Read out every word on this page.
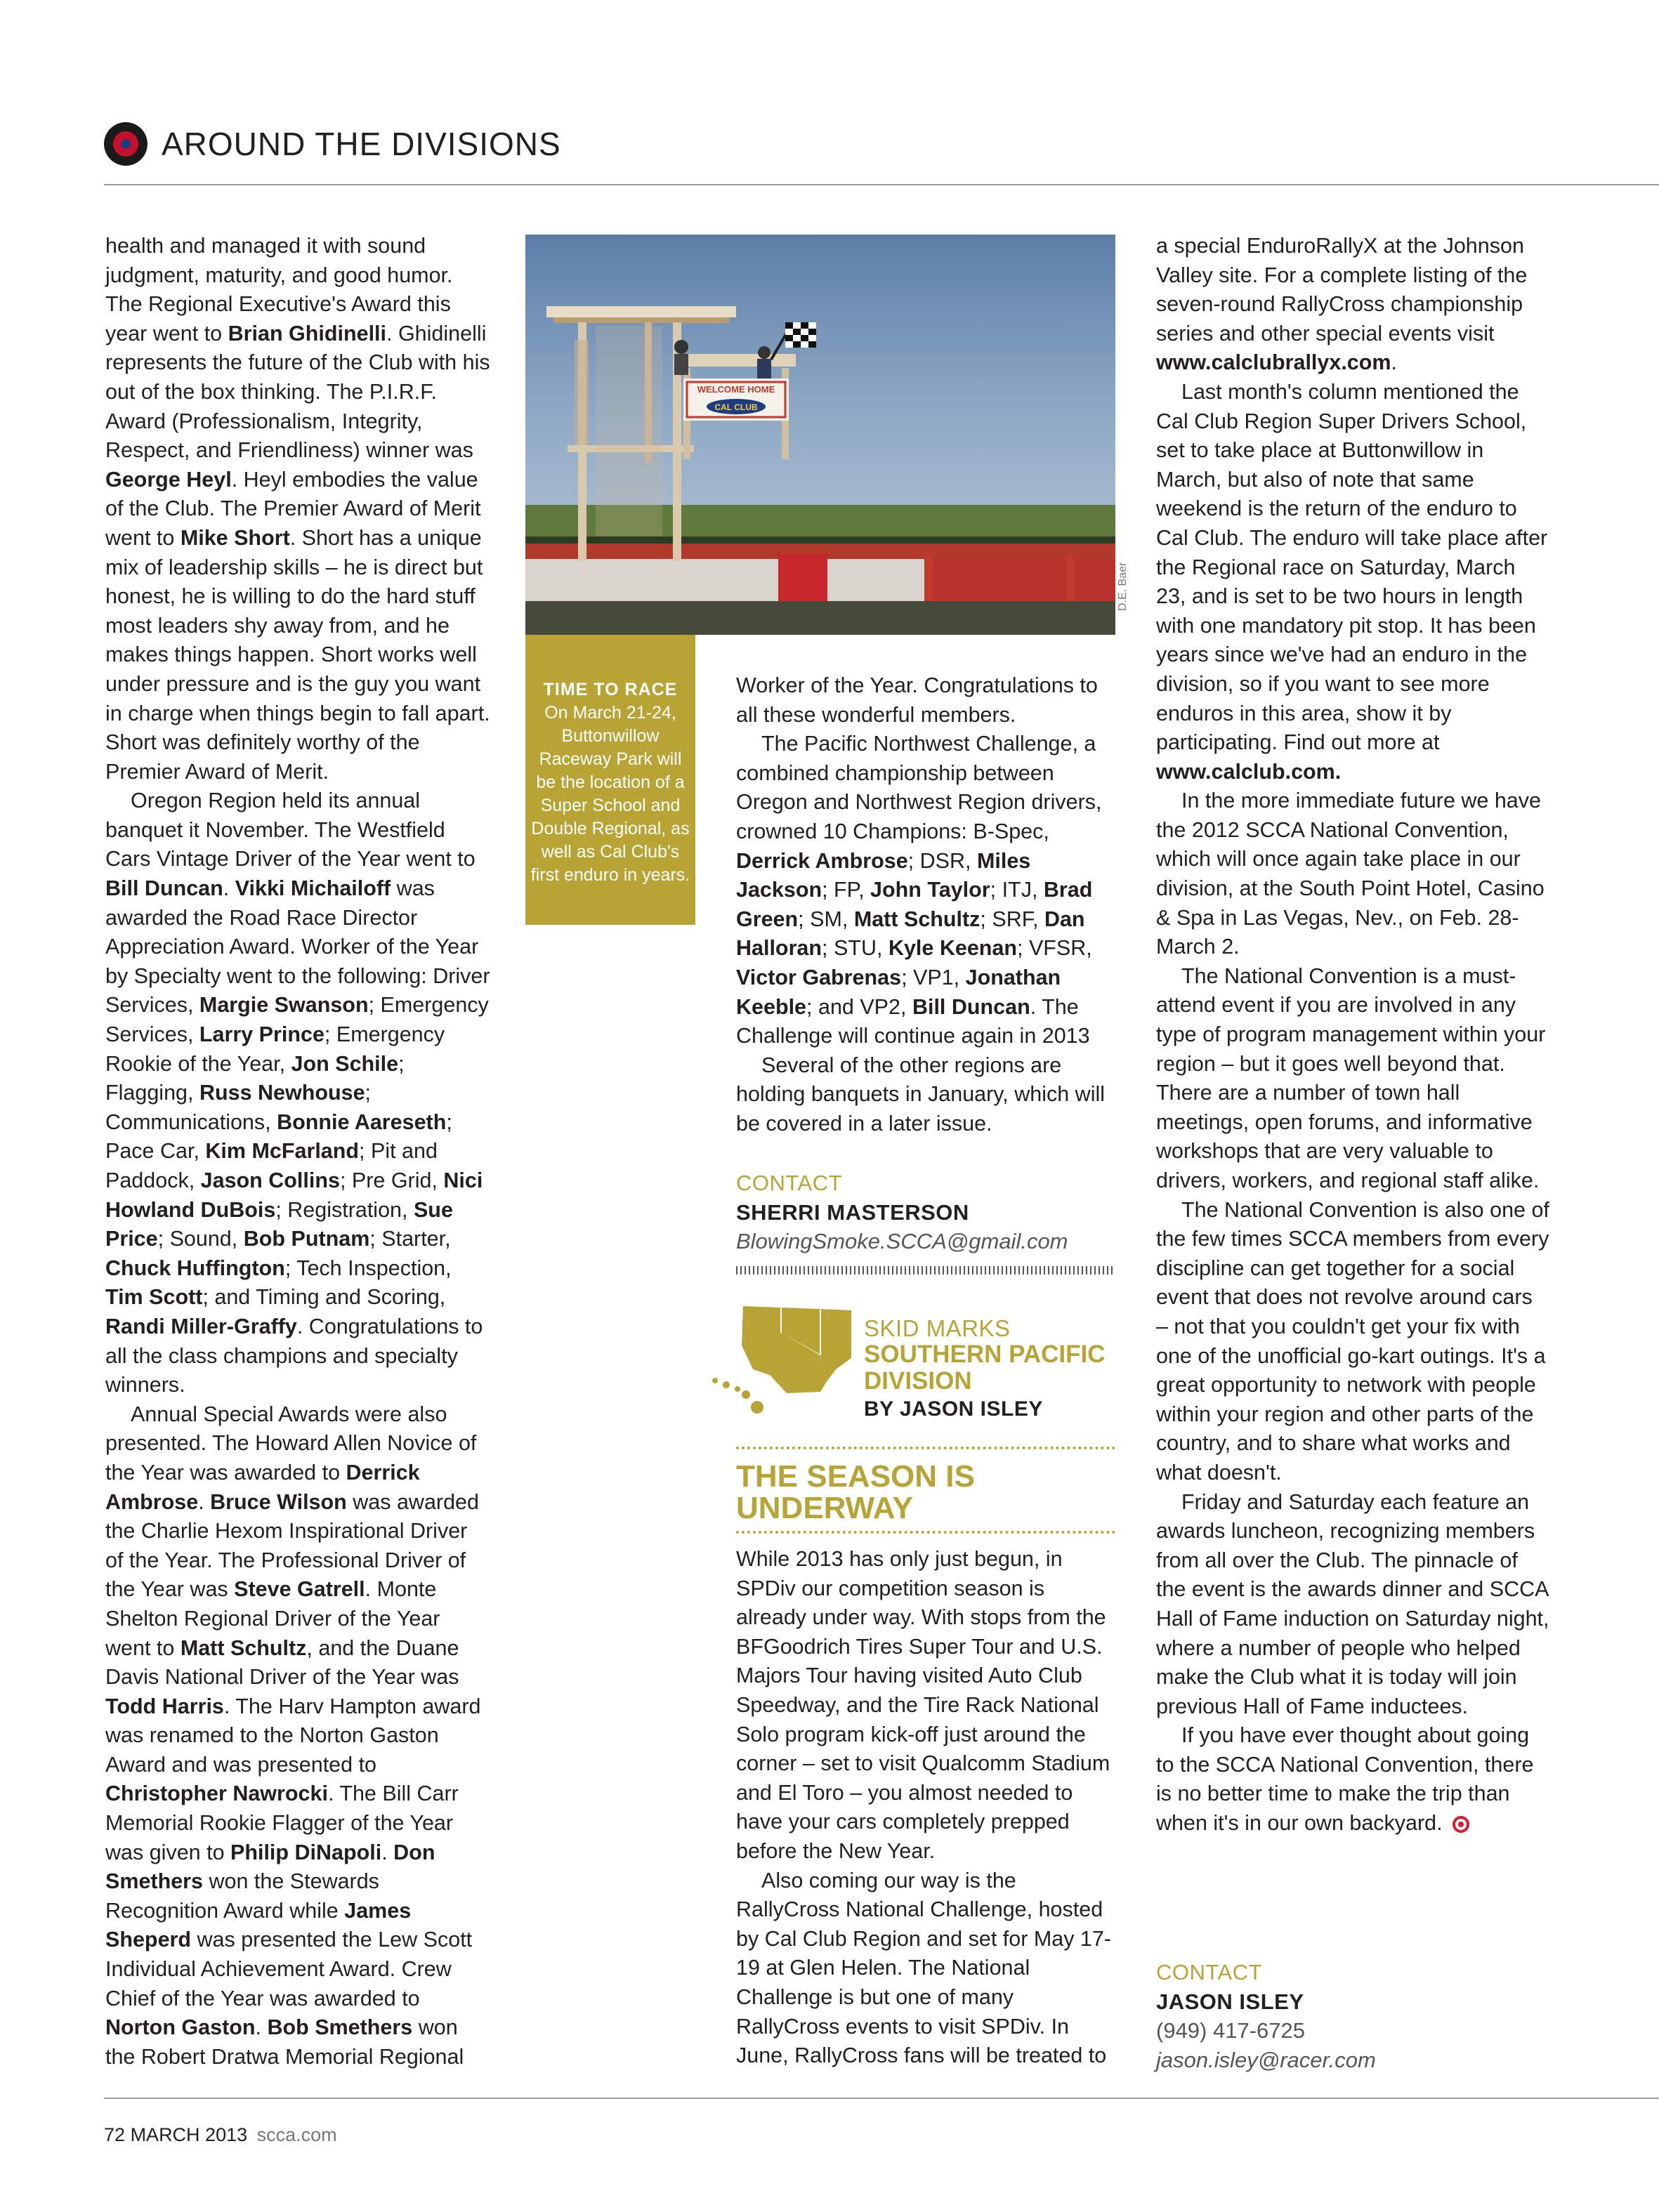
AROUND THE DIVISIONS

health and managed it with sound judgment, maturity, and good humor. The Regional Executive's Award this year went to Brian Ghidinelli. Ghidinelli represents the future of the Club with his out of the box thinking. The P.I.R.F. Award (Professionalism, Integrity, Respect, and Friendliness) winner was George Heyl. Heyl embodies the value of the Club. The Premier Award of Merit went to Mike Short. Short has a unique mix of leadership skills – he is direct but honest, he is willing to do the hard stuff most leaders shy away from, and he makes things happen. Short works well under pressure and is the guy you want in charge when things begin to fall apart. Short was definitely worthy of the Premier Award of Merit.

Oregon Region held its annual banquet it November. The Westfield Cars Vintage Driver of the Year went to Bill Duncan. Vikki Michailoff was awarded the Road Race Director Appreciation Award. Worker of the Year by Specialty went to the following: Driver Services, Margie Swanson; Emergency Services, Larry Prince; Emergency Rookie of the Year, Jon Schile; Flagging, Russ Newhouse; Communications, Bonnie Aareseth; Pace Car, Kim McFarland; Pit and Paddock, Jason Collins; Pre Grid, Nici Howland DuBois; Registration, Sue Price; Sound, Bob Putnam; Starter, Chuck Huffington; Tech Inspection, Tim Scott; and Timing and Scoring, Randi Miller-Graffy. Congratulations to all the class champions and specialty winners.

Annual Special Awards were also presented. The Howard Allen Novice of the Year was awarded to Derrick Ambrose. Bruce Wilson was awarded the Charlie Hexom Inspirational Driver of the Year. The Professional Driver of the Year was Steve Gatrell. Monte Shelton Regional Driver of the Year went to Matt Schultz, and the Duane Davis National Driver of the Year was Todd Harris. The Harv Hampton award was renamed to the Norton Gaston Award and was presented to Christopher Nawrocki. The Bill Carr Memorial Rookie Flagger of the Year was given to Philip DiNapoli. Don Smethers won the Stewards Recognition Award while James Sheperd was presented the Lew Scott Individual Achievement Award. Crew Chief of the Year was awarded to Norton Gaston. Bob Smethers won the Robert Dratwa Memorial Regional

WELCOME HOME
CAL CLUB
D.E. Baer
TIME TO RACE
On March 21-24, Buttonwillow Raceway Park will be the location of a Super School and Double Regional, as well as Cal Club's first enduro in years.

Worker of the Year. Congratulations to all these wonderful members.

The Pacific Northwest Challenge, a combined championship between Oregon and Northwest Region drivers, crowned 10 Champions: B-Spec, Derrick Ambrose; DSR, Miles Jackson; FP, John Taylor; ITJ, Brad Green; SM, Matt Schultz; SRF, Dan Halloran; STU, Kyle Keenan; VFSR, Victor Gabrenas; VP1, Jonathan Keeble; and VP2, Bill Duncan. The Challenge will continue again in 2013

Several of the other regions are holding banquets in January, which will be covered in a later issue.

CONTACT
SHERRI MASTERSON
BlowingSmoke.SCCA@gmail.com
SKID MARKS
SOUTHERN PACIFIC
DIVISION
BY JASON ISLEY
THE SEASON IS
UNDERWAY

While 2013 has only just begun, in SPDiv our competition season is already under way. With stops from the BFGoodrich Tires Super Tour and U.S. Majors Tour having visited Auto Club Speedway, and the Tire Rack National Solo program kick-off just around the corner – set to visit Qualcomm Stadium and El Toro – you almost needed to have your cars completely prepped before the New Year.

Also coming our way is the RallyCross National Challenge, hosted by Cal Club Region and set for May 17-19 at Glen Helen. The National Challenge is but one of many RallyCross events to visit SPDiv. In June, RallyCross fans will be treated to

a special EnduroRallyX at the Johnson Valley site. For a complete listing of the seven-round RallyCross championship series and other special events visit www.calclubrallyx.com.

Last month's column mentioned the Cal Club Region Super Drivers School, set to take place at Buttonwillow in March, but also of note that same weekend is the return of the enduro to Cal Club. The enduro will take place after the Regional race on Saturday, March 23, and is set to be two hours in length with one mandatory pit stop. It has been years since we've had an enduro in the division, so if you want to see more enduros in this area, show it by participating. Find out more at www.calclub.com.

In the more immediate future we have the 2012 SCCA National Convention, which will once again take place in our division, at the South Point Hotel, Casino & Spa in Las Vegas, Nev., on Feb. 28-March 2.

The National Convention is a must-attend event if you are involved in any type of program management within your region – but it goes well beyond that. There are a number of town hall meetings, open forums, and informative workshops that are very valuable to drivers, workers, and regional staff alike.

The National Convention is also one of the few times SCCA members from every discipline can get together for a social event that does not revolve around cars – not that you couldn't get your fix with one of the unofficial go-kart outings. It's a great opportunity to network with people within your region and other parts of the country, and to share what works and what doesn't.

Friday and Saturday each feature an awards luncheon, recognizing members from all over the Club. The pinnacle of the event is the awards dinner and SCCA Hall of Fame induction on Saturday night, where a number of people who helped make the Club what it is today will join previous Hall of Fame inductees.

If you have ever thought about going to the SCCA National Convention, there is no better time to make the trip than when it's in our own backyard.

CONTACT
JASON ISLEY
(949) 417-6725
jason.isley@racer.com
72 MARCH 2013 scca.com
